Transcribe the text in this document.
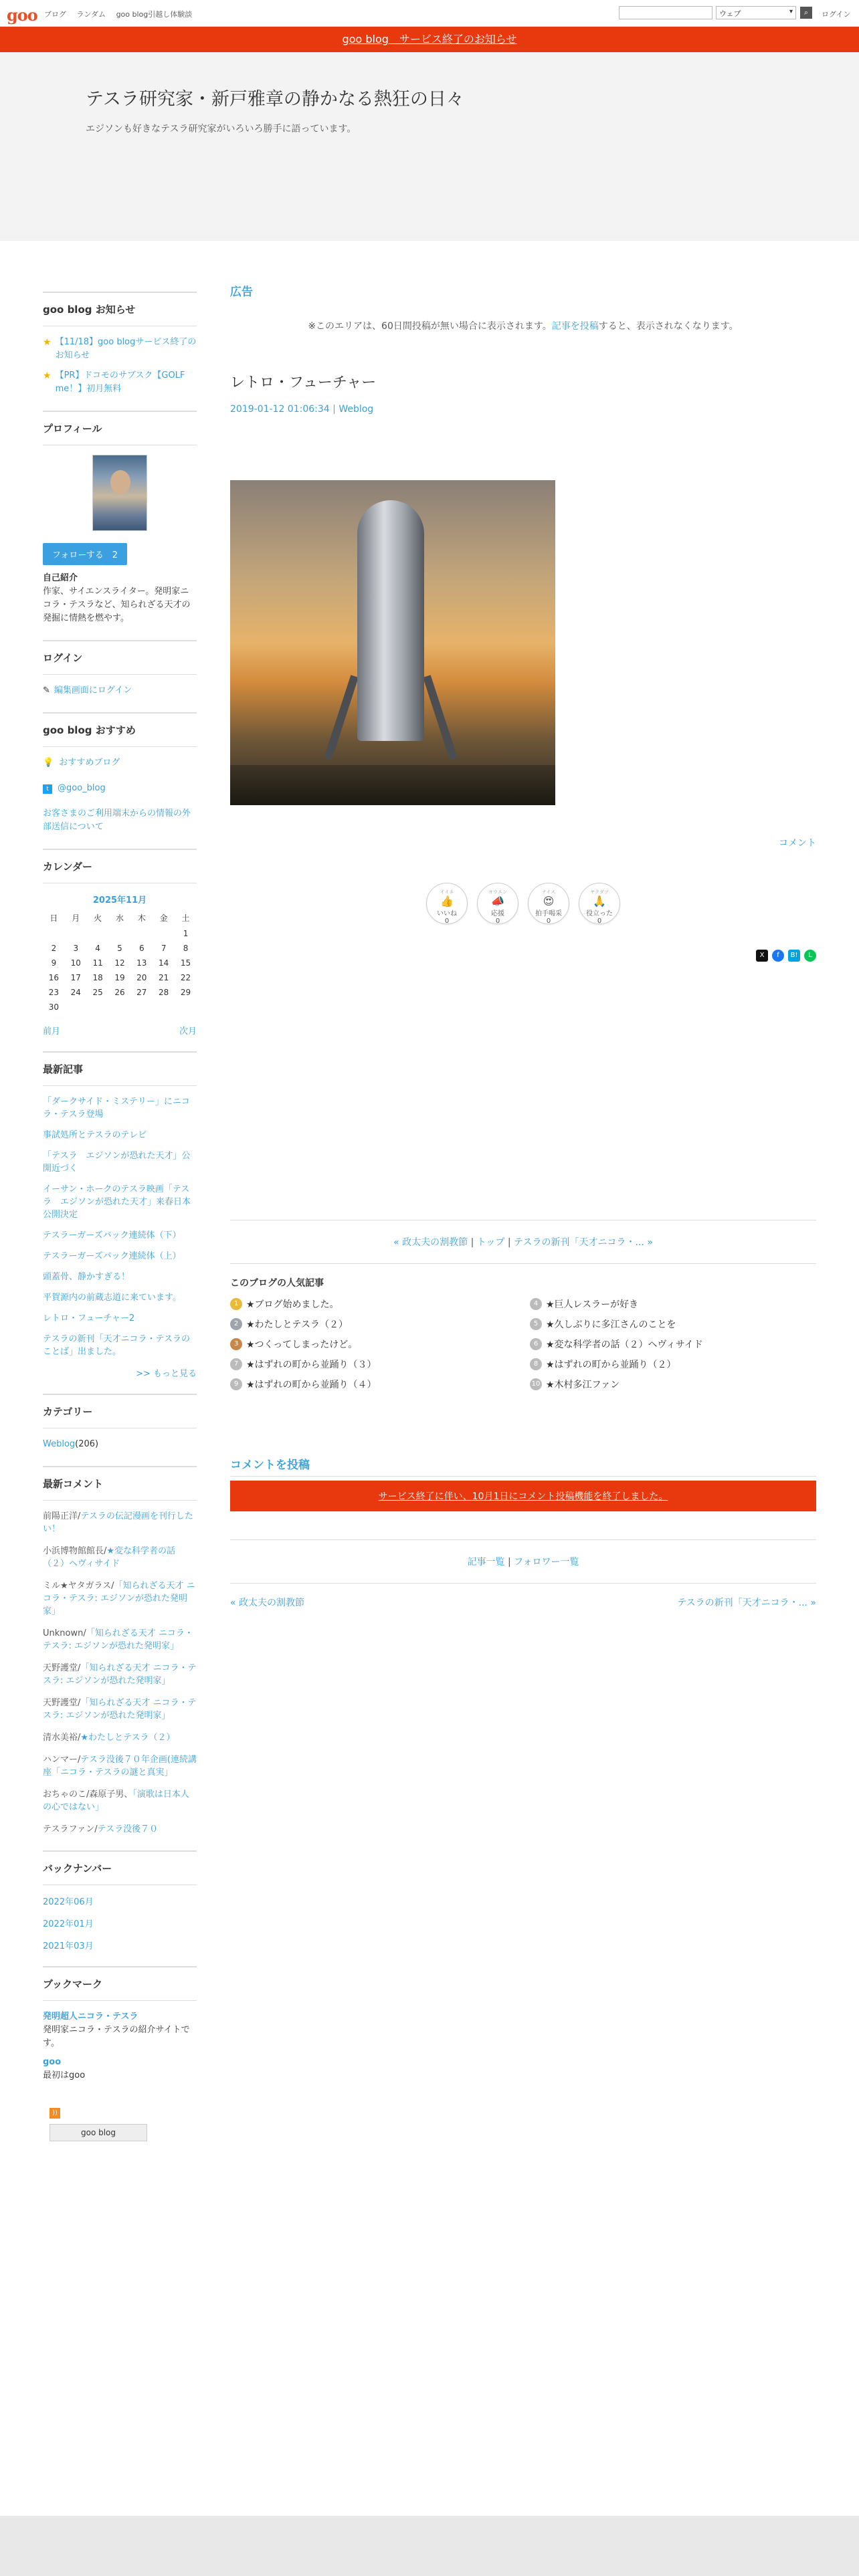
goo ブログ ランダム goo blog引越し体験談	ウェブ ▾	⌕	ログイン
goo blog　サービス終了のお知らせ
テスラ研究家・新戸雅章の静かなる熱狂の日々
エジソンも好きなテスラ研究家がいろいろ勝手に語っています。
goo blog お知らせ
★ 【11/18】goo blogサービス終了のお知らせ
★ 【PR】ドコモのサブスク【GOLF me！】初月無料
プロフィール
フォローする　2
自己紹介
作家、サイエンスライター。発明家ニコラ・テスラなど、知られざる天才の発掘に情熱を燃やす。
ログイン
✎ 編集画面にログイン
goo blog おすすめ
💡 おすすめブログ
t @goo_blog
お客さまのご利用端末からの情報の外部送信について
カレンダー
2025年11月
日	月	火	水	木	金	土
						1
2	3	4	5	6	7	8
9	10	11	12	13	14	15
16	17	18	19	20	21	22
23	24	25	26	27	28	29
30						
前月	次月
最新記事
「ダークサイド・ミステリー」にニコラ・テスラ登場
事試処所とテスラのテレビ
「テスラ　エジソンが恐れた天才」公開近づく
イーサン・ホークのテスラ映画「テスラ　エジソンが恐れた天才」来春日本公開決定
テスラーガーズバック連続体（下）
テスラーガーズバック連続体（上）
頭蓋骨、静かすぎる！
平賀源内の前蔵志道に来ています。
レトロ・フューチャー2
テスラの新刊「天才ニコラ・テスラのことば」出ました。
>> もっと見る
カテゴリー
Weblog(206)
最新コメント
前陽正洋/テスラの伝記漫画を刊行したい！
小浜博物館館長/★変な科学者の話（２）ヘヴィサイド
ミル★ヤタガラス/「知られざる天才 ニコラ・テスラ: エジソンが恐れた発明家」
Unknown/「知られざる天才 ニコラ・テスラ: エジソンが恐れた発明家」
天野護堂/「知られざる天才 ニコラ・テスラ: エジソンが恐れた発明家」
天野護堂/「知られざる天才 ニコラ・テスラ: エジソンが恐れた発明家」
清水美裕/★わたしとテスラ（２）
ハンマー/テスラ没後７０年企画(連続講座「ニコラ・テスラの謎と真実」
おちゃのこ/森原子男、「演歌は日本人の心ではない」
テスラファン/テスラ没後７０
バックナンバー
2022年06月
2022年01月
2021年03月
ブックマーク
発明超人ニコラ・テスラ
発明家ニコラ・テスラの紹介サイトです。
goo
最初はgoo
))
goo blog
広告
※このエリアは、60日間投稿が無い場合に表示されます。記事を投稿すると、表示されなくなります。
レトロ・フューチャー
2019-01-12 01:06:34 | Weblog
コメント
イイネ
👍
いいね
0
オウエン
📣
応援
0
ナイス
😍
拍手喝采
0
ヤクダツ
🙏
役立った
0
X	f	B!	L
« 政太夫の割教節 | トップ | テスラの新刊「天才ニコラ・... »
このブログの人気記事
1 ★ブログ始めました。	4 ★巨人レスラーが好き
2 ★わたしとテスラ（２）	5 ★久しぶりに多江さんのことを
3 ★つくってしまったけど。	6 ★変な科学者の話（２）ヘヴィサイド
7 ★はずれの町から並踊り（３）	8 ★はずれの町から並踊り（２）
9 ★はずれの町から並踊り（４）	10 ★木村多江ファン
コメントを投稿
サービス終了に伴い、10月1日にコメント投稿機能を終了しました。
記事一覧 | フォロワー一覧
« 政太夫の割教節	テスラの新刊「天才ニコラ・... »
